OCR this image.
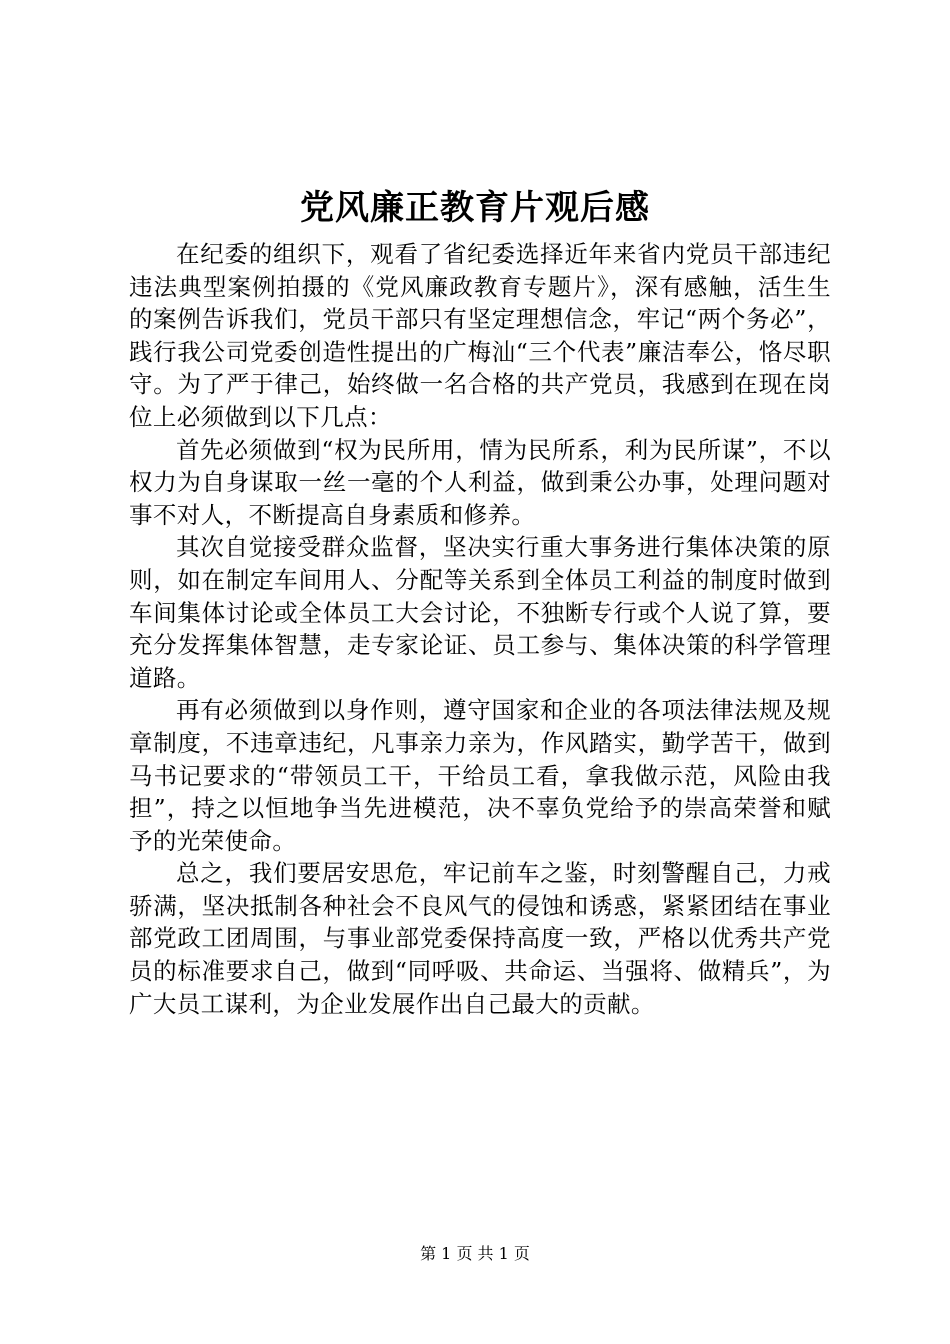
党风廉正教育片观后感

在纪委的组织下，观看了省纪委选择近年来省内党员干部违纪违法典型案例拍摄的《党风廉政教育专题片》，深有感触，活生生的案例告诉我们，党员干部只有坚定理想信念，牢记“两个务必”，践行我公司党委创造性提出的广梅汕“三个代表”廉洁奉公，恪尽职守。为了严于律己，始终做一名合格的共产党员，我感到在现在岗位上必须做到以下几点：

首先必须做到“权为民所用，情为民所系，利为民所谋”，不以权力为自身谋取一丝一毫的个人利益，做到秉公办事，处理问题对事不对人，不断提高自身素质和修养。

其次自觉接受群众监督，坚决实行重大事务进行集体决策的原则，如在制定车间用人、分配等关系到全体员工利益的制度时做到车间集体讨论或全体员工大会讨论，不独断专行或个人说了算，要充分发挥集体智慧，走专家论证、员工参与、集体决策的科学管理道路。

再有必须做到以身作则，遵守国家和企业的各项法律法规及规章制度，不违章违纪，凡事亲力亲为，作风踏实，勤学苦干，做到马书记要求的“带领员工干，干给员工看，拿我做示范，风险由我担”，持之以恒地争当先进模范，决不辜负党给予的崇高荣誉和赋予的光荣使命。

总之，我们要居安思危，牢记前车之鉴，时刻警醒自己，力戒骄满，坚决抵制各种社会不良风气的侵蚀和诱惑，紧紧团结在事业部党政工团周围，与事业部党委保持高度一致，严格以优秀共产党员的标准要求自己，做到“同呼吸、共命运、当强将、做精兵”，为广大员工谋利，为企业发展作出自己最大的贡献。

第 1 页 共 1 页
